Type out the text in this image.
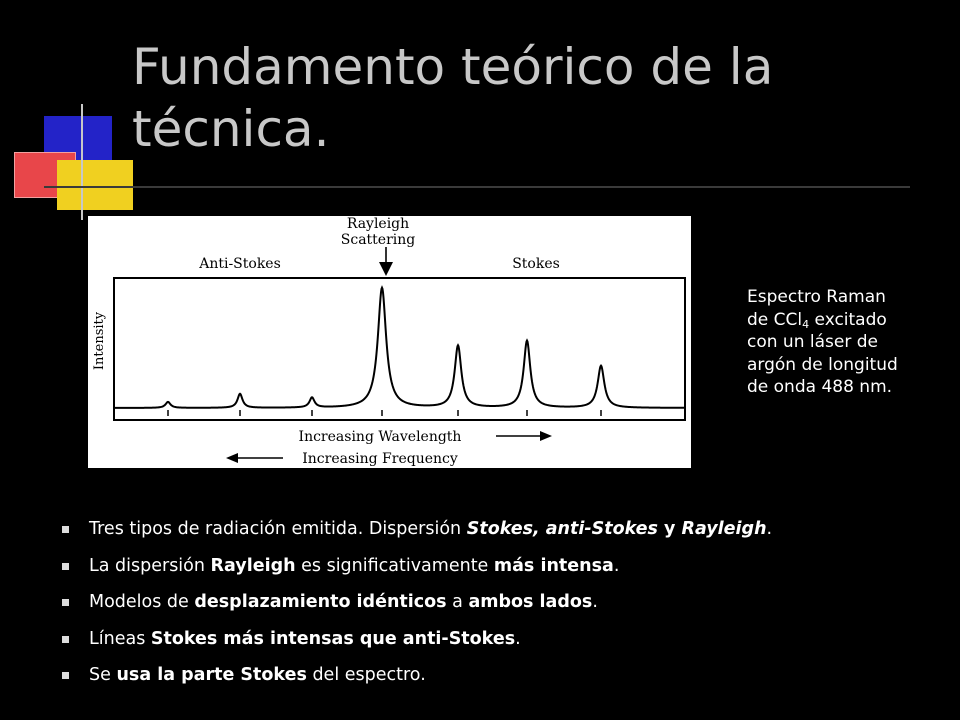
Fundamento teórico de la técnica.
Rayleigh
Scattering
Anti-Stokes	Stokes
Intensity
Increasing Wavelength
Increasing Frequency
Espectro Raman
de CCl$_4$ excitado
con un láser de
argón de longitud
de onda 488 nm.
Tres tipos de radiación emitida. Dispersión Stokes, anti-Stokes y Rayleigh.
La dispersión Rayleigh es significativamente más intensa.
Modelos de desplazamiento idénticos a ambos lados.
Líneas Stokes más intensas que anti-Stokes.
Se usa la parte Stokes del espectro.
